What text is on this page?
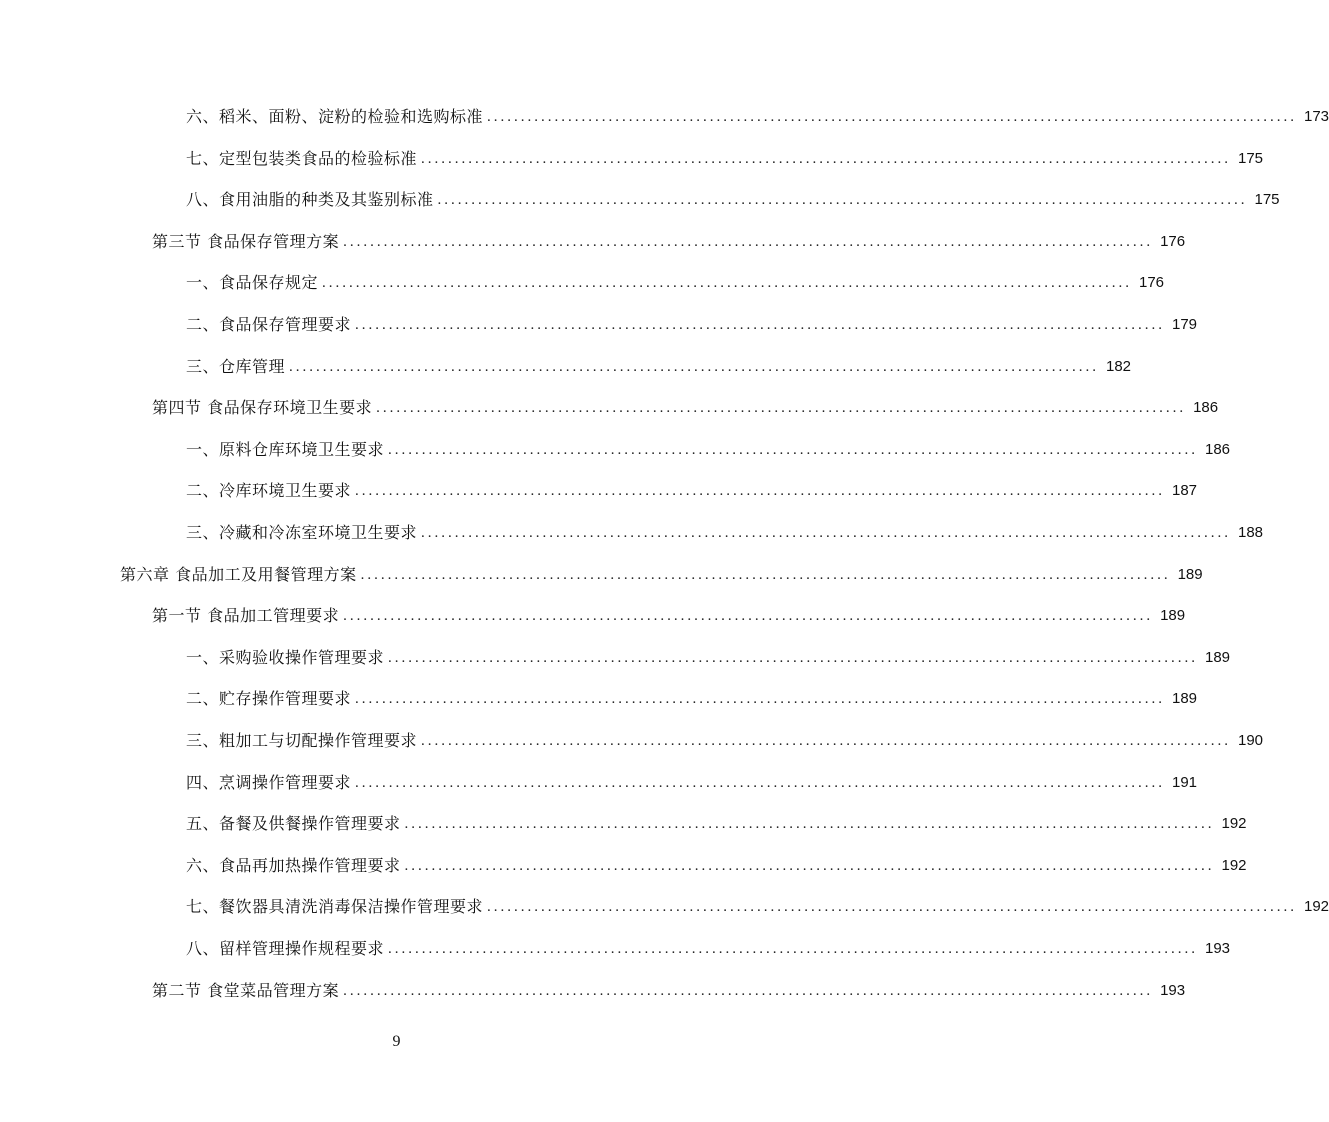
六、稻米、面粉、淀粉的检验和选购标准 ........................................................................................................................ 173
七、定型包装类食品的检验标准 ........................................................................................................................ 175
八、食用油脂的种类及其鉴别标准 ........................................................................................................................ 175
第三节 食品保存管理方案 ........................................................................................................................ 176
一、食品保存规定 ........................................................................................................................ 176
二、食品保存管理要求 ........................................................................................................................ 179
三、仓库管理 ........................................................................................................................ 182
第四节 食品保存环境卫生要求 ........................................................................................................................ 186
一、原料仓库环境卫生要求 ........................................................................................................................ 186
二、冷库环境卫生要求 ........................................................................................................................ 187
三、冷藏和冷冻室环境卫生要求 ........................................................................................................................ 188
第六章 食品加工及用餐管理方案 ........................................................................................................................ 189
第一节 食品加工管理要求 ........................................................................................................................ 189
一、采购验收操作管理要求 ........................................................................................................................ 189
二、贮存操作管理要求 ........................................................................................................................ 189
三、粗加工与切配操作管理要求 ........................................................................................................................ 190
四、烹调操作管理要求 ........................................................................................................................ 191
五、备餐及供餐操作管理要求 ........................................................................................................................ 192
六、食品再加热操作管理要求 ........................................................................................................................ 192
七、餐饮器具清洗消毒保洁操作管理要求 ........................................................................................................................ 192
八、留样管理操作规程要求 ........................................................................................................................ 193
第二节 食堂菜品管理方案 ........................................................................................................................ 193
9
